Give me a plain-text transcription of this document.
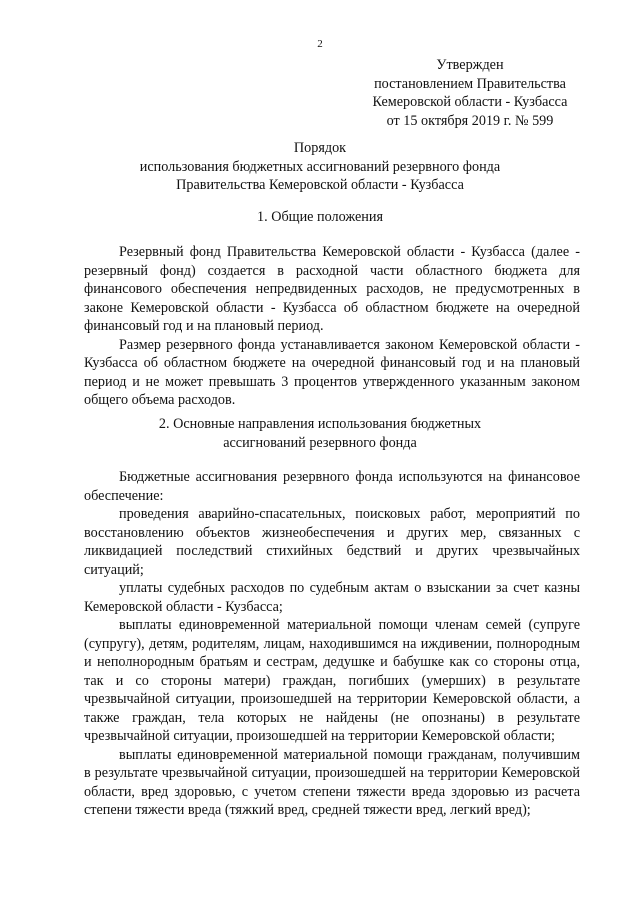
2
Утвержден
постановлением Правительства
Кемеровской области - Кузбасса
от 15 октября 2019 г. № 599
Порядок
использования бюджетных ассигнований резервного фонда
Правительства Кемеровской области - Кузбасса
1. Общие положения

Резервный фонд Правительства Кемеровской области - Кузбасса (далее - резервный фонд) создается в расходной части областного бюджета для финансового обеспечения непредвиденных расходов, не предусмотренных в законе Кемеровской области - Кузбасса об областном бюджете на очередной финансовый год и на плановый период.

Размер резервного фонда устанавливается законом Кемеровской области - Кузбасса об областном бюджете на очередной финансовый год и на плановый период и не может превышать 3 процентов утвержденного указанным законом общего объема расходов.

2. Основные направления использования бюджетных
ассигнований резервного фонда

Бюджетные ассигнования резервного фонда используются на финансовое обеспечение:

проведения аварийно-спасательных, поисковых работ, мероприятий по восстановлению объектов жизнеобеспечения и других мер, связанных с ликвидацией последствий стихийных бедствий и других чрезвычайных ситуаций;

уплаты судебных расходов по судебным актам о взыскании за счет казны Кемеровской области - Кузбасса;

выплаты единовременной материальной помощи членам семей (супруге (супругу), детям, родителям, лицам, находившимся на иждивении, полнородным и неполнородным братьям и сестрам, дедушке и бабушке как со стороны отца, так и со стороны матери) граждан, погибших (умерших) в результате чрезвычайной ситуации, произошедшей на территории Кемеровской области, а также граждан, тела которых не найдены (не опознаны) в результате чрезвычайной ситуации, произошедшей на территории Кемеровской области;

выплаты единовременной материальной помощи гражданам, получившим в результате чрезвычайной ситуации, произошедшей на территории Кемеровской области, вред здоровью, с учетом степени тяжести вреда здоровью из расчета степени тяжести вреда (тяжкий вред, средней тяжести вред, легкий вред);
